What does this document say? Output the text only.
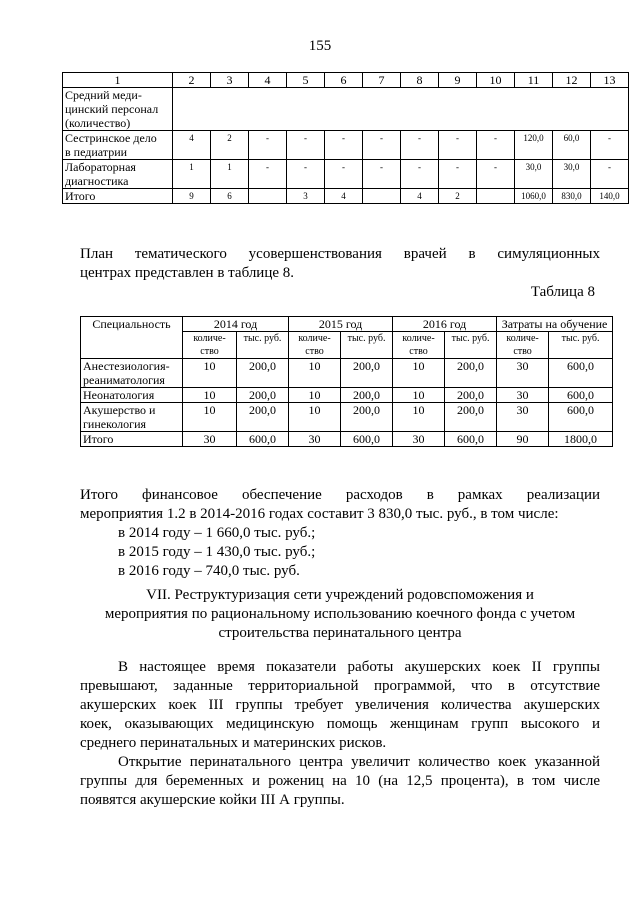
155
1	2	3	4	5	6	7	8	9	10	11	12	13
Средний меди-
цинский персонал
(количество)												
Сестринское дело
в педиатрии	4	2	-	-	-	-	-	-	-	120,0	60,0	-
Лабораторная
диагностика	1	1	-	-	-	-	-	-	-	30,0	30,0	-
Итого	9	6		3	4		4	2		1060,0	830,0	140,0
План тематического усовершенствования врачей в симуляционных
центрах представлен в таблице 8.
Таблица 8
Специальность	2014 год		2015 год		2016 год		Затраты на обучение	
	количе-ство	тыс. руб.	количе-ство	тыс. руб.	количе-ство	тыс. руб.	количе-ство	тыс. руб.
Анестезиология-реаниматология	10	200,0	10	200,0	10	200,0	30	600,0
Неонатология	10	200,0	10	200,0	10	200,0	30	600,0
Акушерство и гинекология	10	200,0	10	200,0	10	200,0	30	600,0
Итого	30	600,0	30	600,0	30	600,0	90	1800,0
Итого финансовое обеспечение расходов в рамках реализации
мероприятия 1.2 в 2014-2016 годах составит 3 830,0 тыс. руб., в том числе:
в 2014 году – 1 660,0 тыс. руб.;
в 2015 году – 1 430,0 тыс. руб.;
в 2016 году – 740,0 тыс. руб.
VII. Реструктуризация сети учреждений родовспоможения и
мероприятия по рациональному использованию коечного фонда с учетом
строительства перинатального центра
В настоящее время показатели работы акушерских коек II группы
превышают, заданные территориальной программой, что в отсутствие
акушерских коек III группы требует увеличения количества акушерских
коек, оказывающих медицинскую помощь женщинам групп высокого и
среднего перинатальных и материнских рисков.
Открытие перинатального центра увеличит количество коек указанной
группы для беременных и рожениц на 10 (на 12,5 процента), в том числе
появятся акушерские койки III А группы.
